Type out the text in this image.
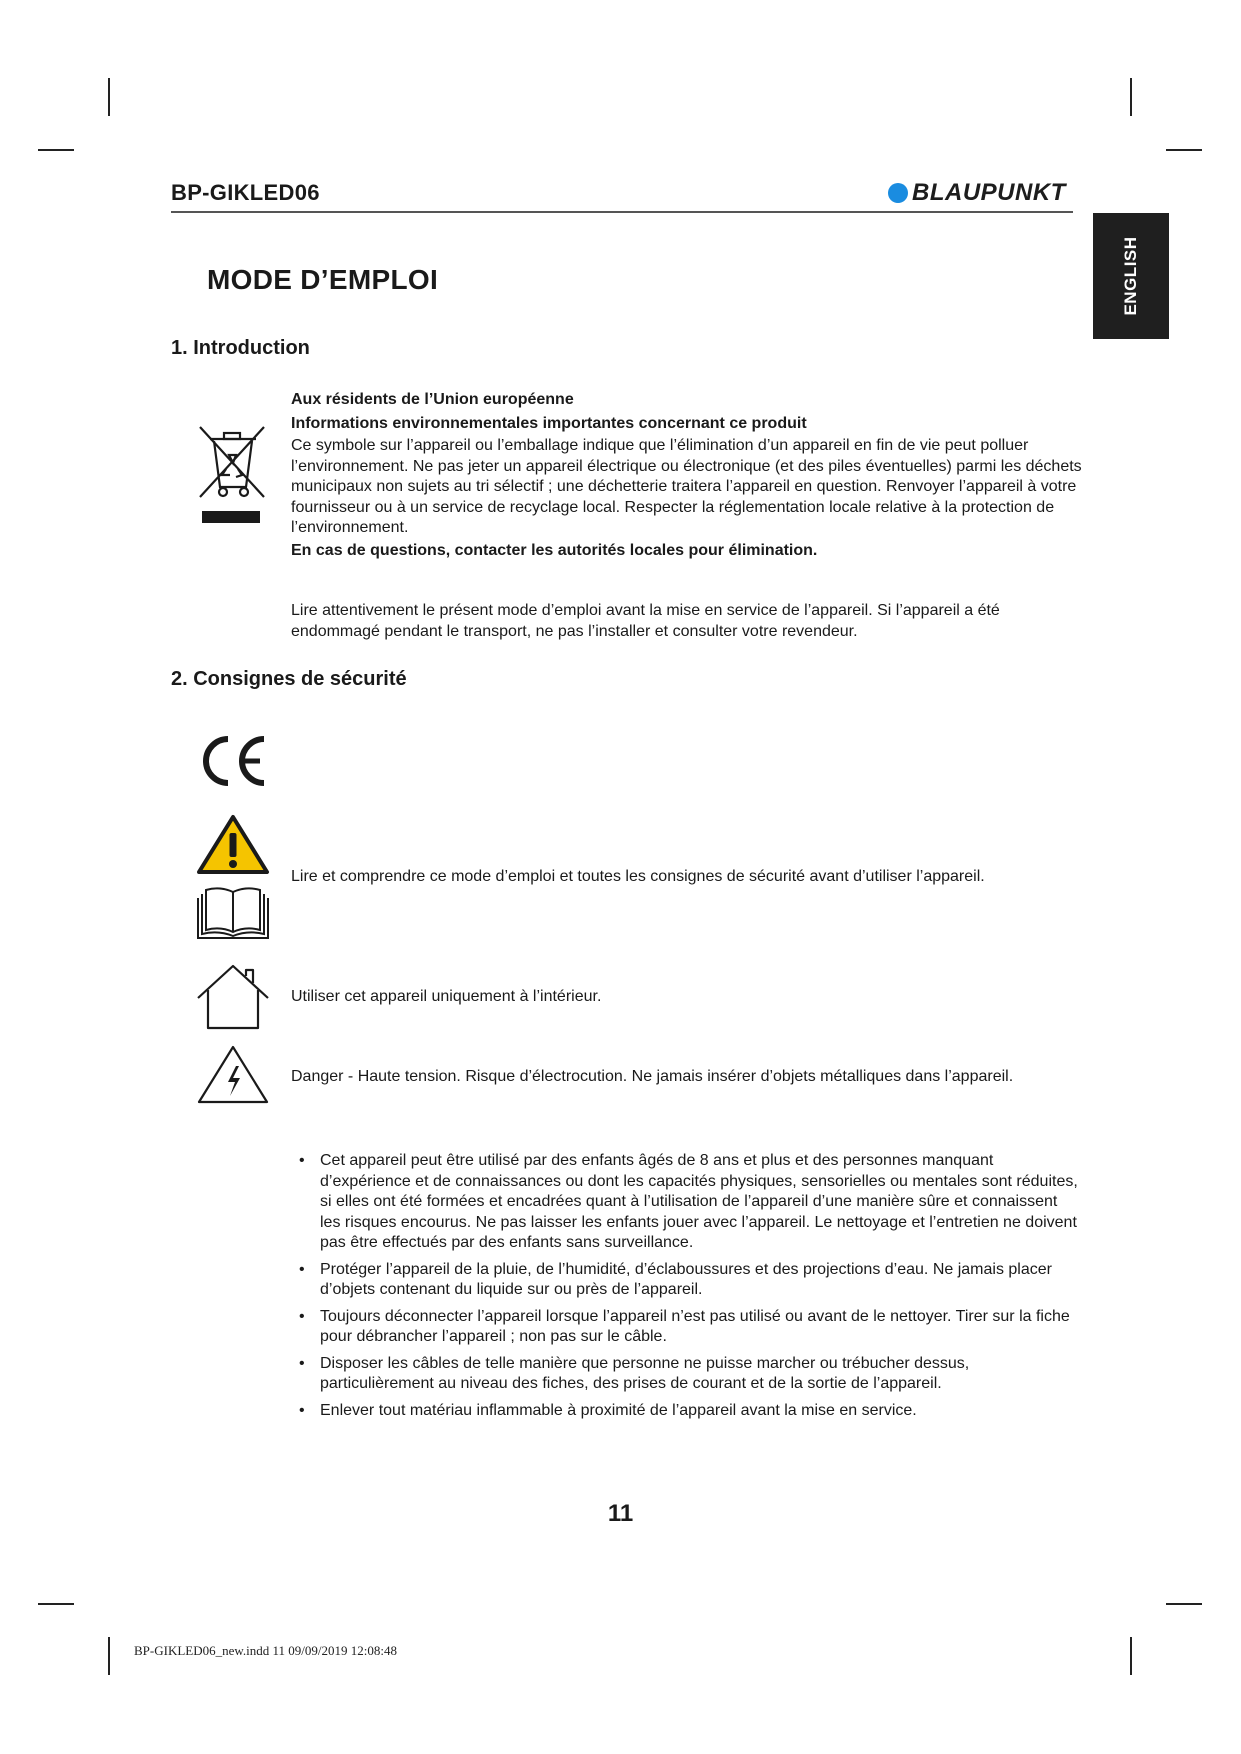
BP-GIKLED06	BLAUPUNKT
ENGLISH
MODE D’EMPLOI
1. Introduction
Aux résidents de l’Union européenne
Informations environnementales importantes concernant ce produit
Ce symbole sur l’appareil ou l’emballage indique que l’élimination d’un appareil en fin de vie peut polluer l’environnement. Ne pas jeter un appareil électrique ou électronique (et des piles éventuelles) parmi les déchets municipaux non sujets au tri sélectif ; une déchetterie traitera l’appareil en question. Renvoyer l’appareil à votre fournisseur ou à un service de recyclage local. Respecter la réglementation locale relative à la protection de l’environnement.
En cas de questions, contacter les autorités locales pour élimination.
Lire attentivement le présent mode d’emploi avant la mise en service de l’appareil. Si l’appareil a été endommagé pendant le transport, ne pas l’installer et consulter votre revendeur.
2. Consignes de sécurité
Lire et comprendre ce mode d’emploi et toutes les consignes de sécurité avant d’utiliser l’appareil.
Utiliser cet appareil uniquement à l’intérieur.
Danger - Haute tension. Risque d’électrocution. Ne jamais insérer d’objets métalliques dans l’appareil.
• Cet appareil peut être utilisé par des enfants âgés de 8 ans et plus et des personnes manquant d’expérience et de connaissances ou dont les capacités physiques, sensorielles ou mentales sont réduites, si elles ont été formées et encadrées quant à l’utilisation de l’appareil d’une manière sûre et connaissent les risques encourus. Ne pas laisser les enfants jouer avec l’appareil. Le nettoyage et l’entretien ne doivent pas être effectués par des enfants sans surveillance.
• Protéger l’appareil de la pluie, de l’humidité, d’éclaboussures et des projections d’eau. Ne jamais placer d’objets contenant du liquide sur ou près de l’appareil.
• Toujours déconnecter l’appareil lorsque l’appareil n’est pas utilisé ou avant de le nettoyer. Tirer sur la fiche pour débrancher l’appareil ; non pas sur le câble.
• Disposer les câbles de telle manière que personne ne puisse marcher ou trébucher dessus, particulièrement au niveau des fiches, des prises de courant et de la sortie de l’appareil.
• Enlever tout matériau inflammable à proximité de l’appareil avant la mise en service.
11
BP-GIKLED06_new.indd 11 09/09/2019 12:08:48
